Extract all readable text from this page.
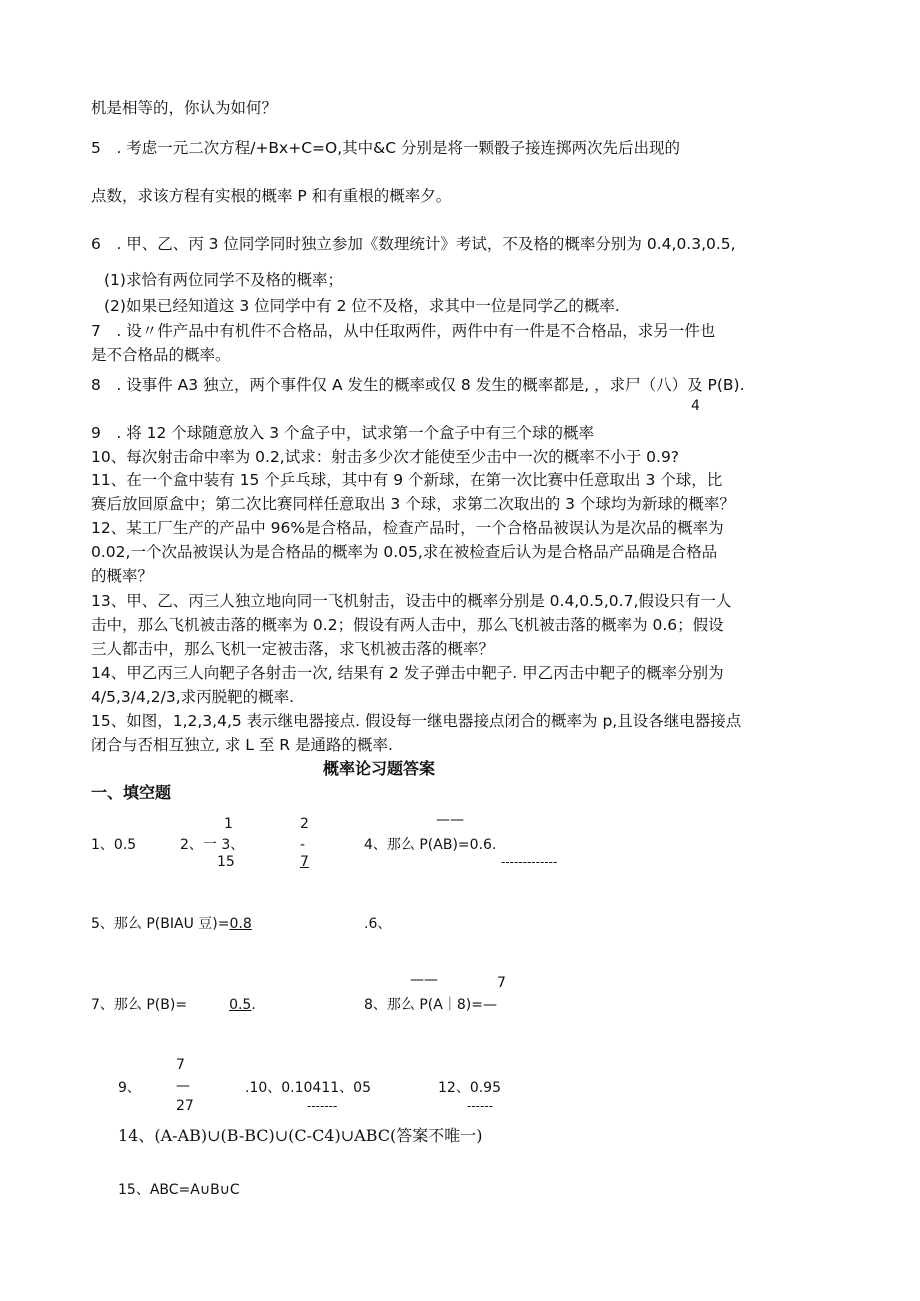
机是相等的，你认为如何？
5　. 考虑一元二次方程/+Bx+C=O,其中&C 分别是将一颗骰子接连掷两次先后出现的
点数，求该方程有实根的概率 P 和有重根的概率夕。
6　. 甲、乙、丙 3 位同学同时独立参加《数理统计》考试，不及格的概率分别为 0.4,0.3,0.5,
(1)求恰有两位同学不及格的概率；
(2)如果已经知道这 3 位同学中有 2 位不及格，求其中一位是同学乙的概率.
7　. 设〃件产品中有机件不合格品，从中任取两件，两件中有一件是不合格品，求另一件也
是不合格品的概率。
8　. 设事件 A3 独立，两个事件仅 A 发生的概率或仅 8 发生的概率都是, ，求尸（八）及 P(B).
4
9　. 将 12 个球随意放入 3 个盒子中，试求第一个盒子中有三个球的概率
10、每次射击命中率为 0.2,试求：射击多少次才能使至少击中一次的概率不小于 0.9?
11、在一个盒中装有 15 个乒乓球，其中有 9 个新球，在第一次比赛中任意取出 3 个球，比
赛后放回原盒中；第二次比赛同样任意取出 3 个球，求第二次取出的 3 个球均为新球的概率？
12、某工厂生产的产品中 96%是合格品，检查产品时，一个合格品被误认为是次品的概率为
0.02,一个次品被误认为是合格品的概率为 0.05,求在被检查后认为是合格品产品确是合格品
的概率？
13、甲、乙、丙三人独立地向同一飞机射击，设击中的概率分别是 0.4,0.5,0.7,假设只有一人
击中，那么飞机被击落的概率为 0.2；假设有两人击中，那么飞机被击落的概率为 0.6；假设
三人都击中，那么飞机一定被击落，求飞机被击落的概率？
14、甲乙丙三人向靶子各射击一次, 结果有 2 发子弹击中靶子. 甲乙丙击中靶子的概率分别为
4/5,3/4,2/3,求丙脱靶的概率.
15、如图，1,2,3,4,5 表示继电器接点. 假设每一继电器接点闭合的概率为 p,且设各继电器接点
闭合与否相互独立, 求 L 至 R 是通路的概率.
概率论习题答案
一、填空题
1	2	——
1、0.5	2、一 3、	-	4、那么 P(AB)=0.6.
15	7	-------------
5、那么 P(BIAU 豆)=0.8	.6、
——	7
7、那么 P(B)=	0.5.	8、那么 P(A｜8)=—
7
9、	—	.10、0.10411、05	12、0.95
27	-------	------
14、(A-AB)∪(B-BC)∪(C-C4)∪ABC(答案不唯一)
15、ABC=A∪B∪C
